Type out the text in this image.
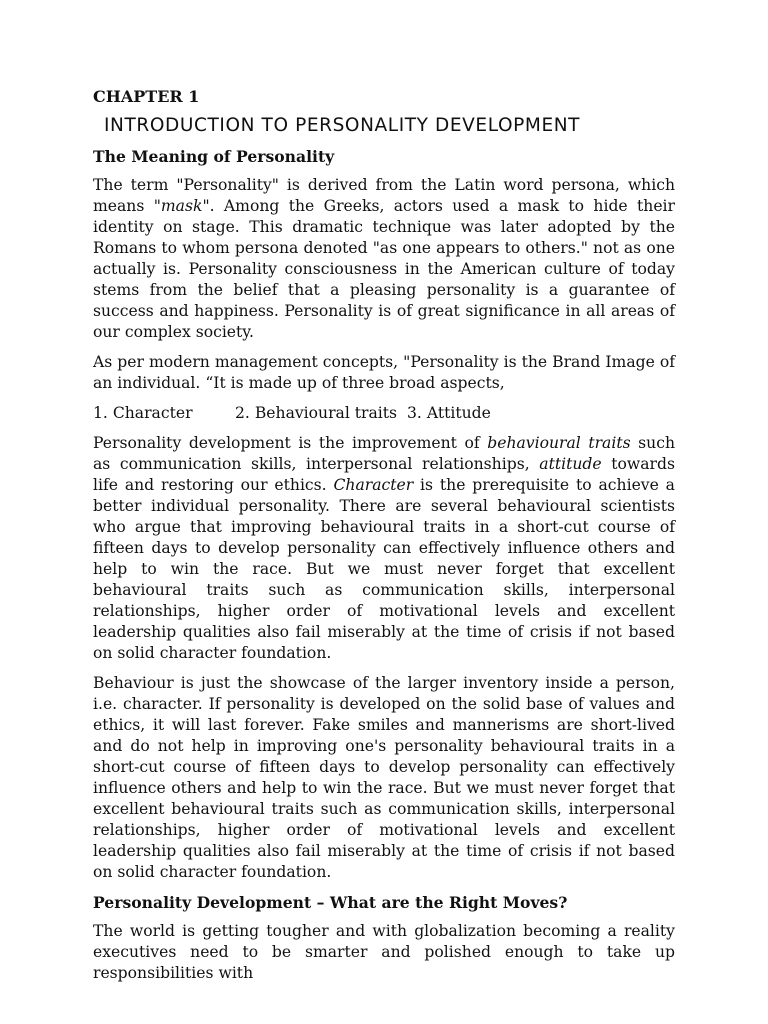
CHAPTER 1
INTRODUCTION TO PERSONALITY DEVELOPMENT
The Meaning of Personality

The term "Personality" is derived from the Latin word persona, which means "mask". Among the Greeks, actors used a mask to hide their identity on stage. This dramatic technique was later adopted by the Romans to whom persona denoted "as one appears to others." not as one actually is. Personality consciousness in the American culture of today stems from the belief that a pleasing personality is a guarantee of success and happiness. Personality is of great significance in all areas of our complex society.

As per modern management concepts, "Personality is the Brand Image of an individual. “It is made up of three broad aspects,

1. Character	2. Behavioural traits 3. Attitude

Personality development is the improvement of behavioural traits such as communication skills, interpersonal relationships, attitude towards life and restoring our ethics. Character is the prerequisite to achieve a better individual personality. There are several behavioural scientists who argue that improving behavioural traits in a short-cut course of fifteen days to develop personality can effectively influence others and help to win the race. But we must never forget that excellent behavioural traits such as communication skills, interpersonal relationships, higher order of motivational levels and excellent leadership qualities also fail miserably at the time of crisis if not based on solid character foundation.

Behaviour is just the showcase of the larger inventory inside a person, i.e. character. If personality is developed on the solid base of values and ethics, it will last forever. Fake smiles and mannerisms are short-lived and do not help in improving one's personality behavioural traits in a short-cut course of fifteen days to develop personality can effectively influence others and help to win the race. But we must never forget that excellent behavioural traits such as communication skills, interpersonal relationships, higher order of motivational levels and excellent leadership qualities also fail miserably at the time of crisis if not based on solid character foundation.

Personality Development – What are the Right Moves?

The world is getting tougher and with globalization becoming a reality executives need to be smarter and polished enough to take up responsibilities with
